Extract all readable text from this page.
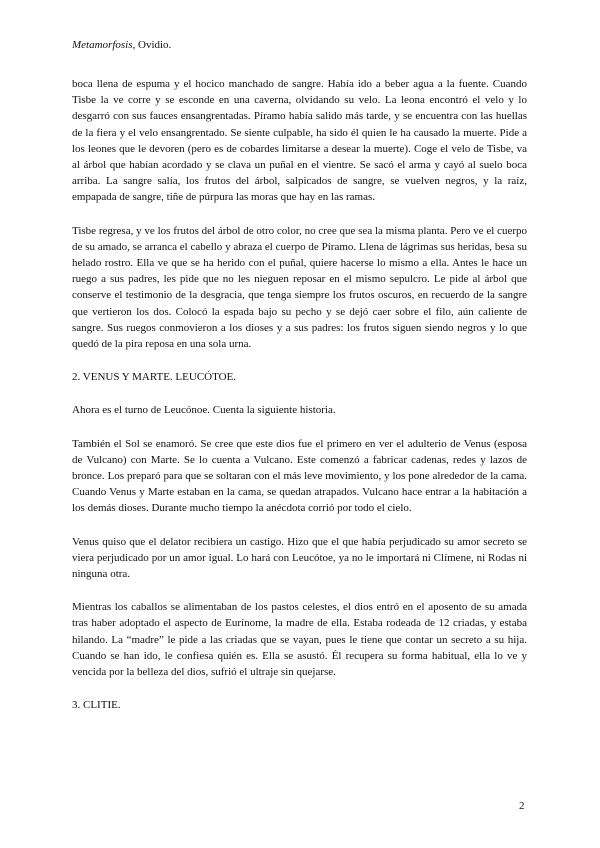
Metamorfosis, Ovidio.

boca llena de espuma y el hocico manchado de sangre. Había ido a beber agua a la fuente. Cuando Tisbe la ve corre y se esconde en una caverna, olvidando su velo. La leona encontró el velo y lo desgarró con sus fauces ensangrentadas. Píramo había salido más tarde, y se encuentra con las huellas de la fiera y el velo ensangrentado. Se siente culpable, ha sido él quien le ha causado la muerte. Pide a los leones que le devoren (pero es de cobardes limitarse a desear la muerte). Coge el velo de Tisbe, va al árbol que habían acordado y se clava un puñal en el vientre. Se sacó el arma y cayó al suelo boca arriba. La sangre salía, los frutos del árbol, salpicados de sangre, se vuelven negros, y la raíz, empapada de sangre, tiñe de púrpura las moras que hay en las ramas.

Tisbe regresa, y ve los frutos del árbol de otro color, no cree que sea la misma planta. Pero ve el cuerpo de su amado, se arranca el cabello y abraza el cuerpo de Píramo. Llena de lágrimas sus heridas, besa su helado rostro. Ella ve que se ha herido con el puñal, quiere hacerse lo mismo a ella. Antes le hace un ruego a sus padres, les pide que no les nieguen reposar en el mismo sepulcro. Le pide al árbol que conserve el testimonio de la desgracia, que tenga siempre los frutos oscuros, en recuerdo de la sangre que vertieron los dos. Colocó la espada bajo su pecho y se dejó caer sobre el filo, aún caliente de sangre. Sus ruegos conmovieron a los dioses y a sus padres: los frutos siguen siendo negros y lo que quedó de la pira reposa en una sola urna.

2. VENUS Y MARTE. LEUCÓTOE.

Ahora es el turno de Leucónoe. Cuenta la siguiente historia.

También el Sol se enamoró. Se cree que este dios fue el primero en ver el adulterio de Venus (esposa de Vulcano) con Marte. Se lo cuenta a Vulcano. Este comenzó a fabricar cadenas, redes y lazos de bronce. Los preparó para que se soltaran con el más leve movimiento, y los pone alrededor de la cama. Cuando Venus y Marte estaban en la cama, se quedan atrapados. Vulcano hace entrar a la habitación a los demás dioses. Durante mucho tiempo la anécdota corrió por todo el cielo.

Venus quiso que el delator recibiera un castigo. Hizo que el que había perjudicado su amor secreto se viera perjudicado por un amor igual. Lo hará con Leucótoe, ya no le importará ni Clímene, ni Rodas ni ninguna otra.

Mientras los caballos se alimentaban de los pastos celestes, el dios entró en el aposento de su amada tras haber adoptado el aspecto de Eurínome, la madre de ella. Estaba rodeada de 12 criadas, y estaba hilando. La “madre” le pide a las criadas que se vayan, pues le tiene que contar un secreto a su hija. Cuando se han ido, le confiesa quién es. Ella se asustó. Él recupera su forma habitual, ella lo ve y vencida por la belleza del dios, sufrió el ultraje sin quejarse.

3. CLITIE.

2
